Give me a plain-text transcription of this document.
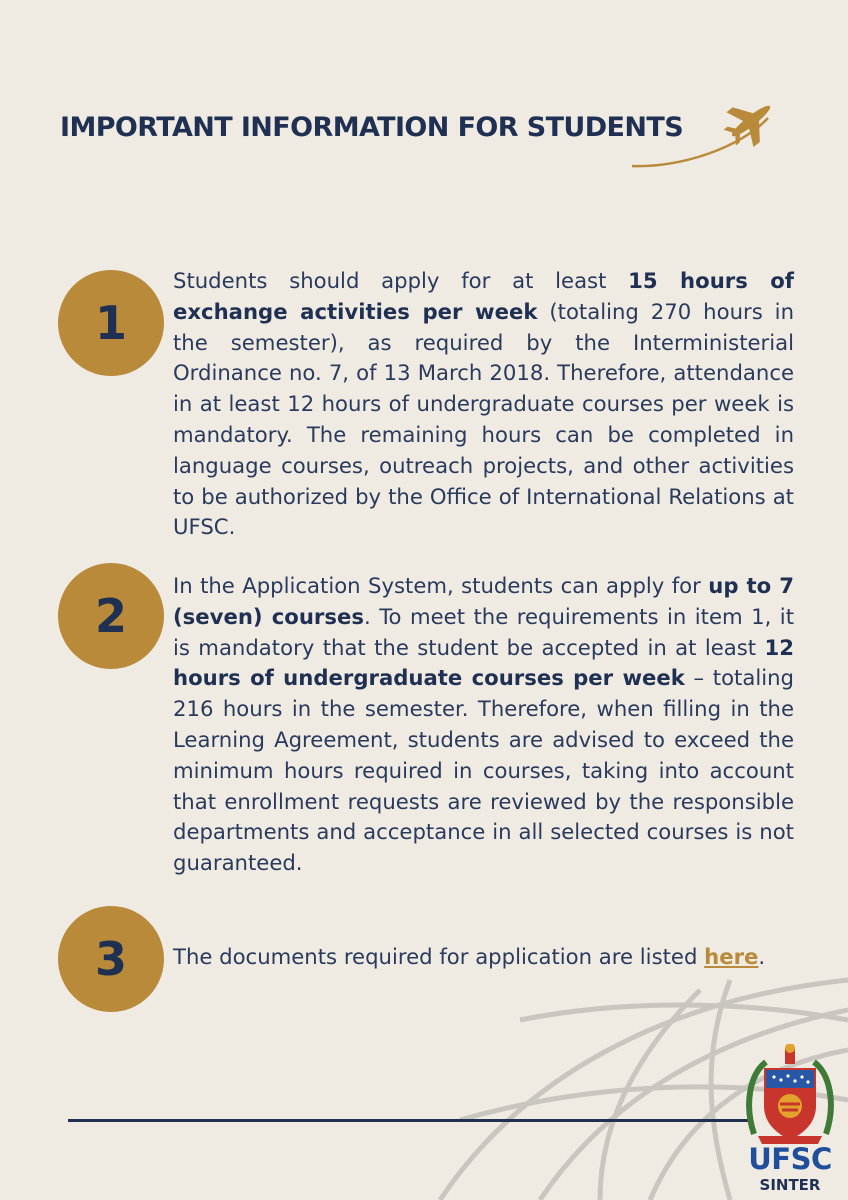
IMPORTANT INFORMATION FOR STUDENTS
1
Students should apply for at least 15 hours of exchange activities per week (totaling 270 hours in the semester), as required by the Interministerial Ordinance no. 7, of 13 March 2018. Therefore, attendance in at least 12 hours of undergraduate courses per week is mandatory. The remaining hours can be completed in language courses, outreach projects, and other activities to be authorized by the Office of International Relations at UFSC.
2
In the Application System, students can apply for up to 7 (seven) courses. To meet the requirements in item 1, it is mandatory that the student be accepted in at least 12 hours of undergraduate courses per week – totaling 216 hours in the semester. Therefore, when filling in the Learning Agreement, students are advised to exceed the minimum hours required in courses, taking into account that enrollment requests are reviewed by the responsible departments and acceptance in all selected courses is not guaranteed.
3 The documents required for application are listed here.
UFSC
SINTER
